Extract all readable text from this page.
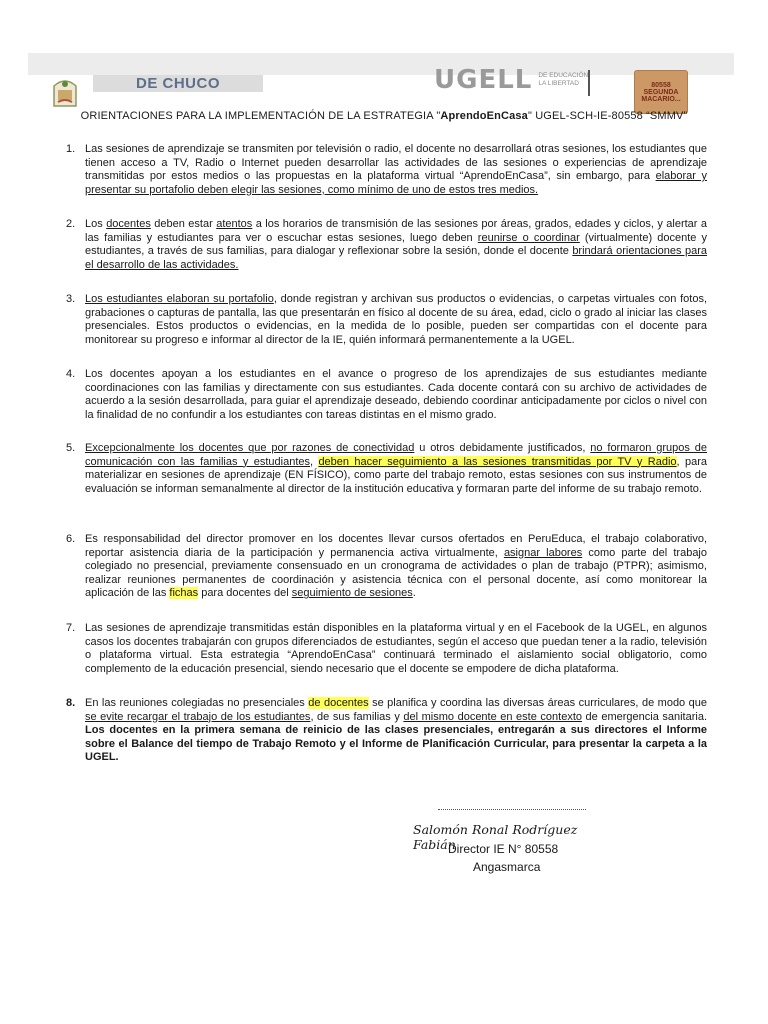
DE CHUCO	UGELL DE EDUCACIÓN
LA LIBERTAD	80558
SEGUNDA
MACARIO...
ORIENTACIONES PARA LA IMPLEMENTACIÓN DE LA ESTRATEGIA "AprendoEnCasa" UGEL-SCH-IE-80558 “SMMV”
1. Las sesiones de aprendizaje se transmiten por televisión o radio, el docente no desarrollará otras sesiones, los estudiantes que tienen acceso a TV, Radio o Internet pueden desarrollar las actividades de las sesiones o experiencias de aprendizaje transmitidas por estos medios o las propuestas en la plataforma virtual “AprendoEnCasa”, sin embargo, para elaborar y presentar su portafolio deben elegir las sesiones, como mínimo de uno de estos tres medios.
2. Los docentes deben estar atentos a los horarios de transmisión de las sesiones por áreas, grados, edades y ciclos, y alertar a las familias y estudiantes para ver o escuchar estas sesiones, luego deben reunirse o coordinar (virtualmente) docente y estudiantes, a través de sus familias, para dialogar y reflexionar sobre la sesión, donde el docente brindará orientaciones para el desarrollo de las actividades.
3. Los estudiantes elaboran su portafolio, donde registran y archivan sus productos o evidencias, o carpetas virtuales con fotos, grabaciones o capturas de pantalla, las que presentarán en físico al docente de su área, edad, ciclo o grado al iniciar las clases presenciales. Estos productos o evidencias, en la medida de lo posible, pueden ser compartidas con el docente para monitorear su progreso e informar al director de la IE, quién informará permanentemente a la UGEL.
4. Los docentes apoyan a los estudiantes en el avance o progreso de los aprendizajes de sus estudiantes mediante coordinaciones con las familias y directamente con sus estudiantes. Cada docente contará con su archivo de actividades de acuerdo a la sesión desarrollada, para guiar el aprendizaje deseado, debiendo coordinar anticipadamente por ciclos o nivel con la finalidad de no confundir a los estudiantes con tareas distintas en el mismo grado.
5. Excepcionalmente los docentes que por razones de conectividad u otros debidamente justificados, no formaron grupos de comunicación con las familias y estudiantes, deben hacer seguimiento a las sesiones transmitidas por TV y Radio, para materializar en sesiones de aprendizaje (EN FÍSICO), como parte del trabajo remoto, estas sesiones con sus instrumentos de evaluación se informan semanalmente al director de la institución educativa y formaran parte del informe de su trabajo remoto.
6. Es responsabilidad del director promover en los docentes llevar cursos ofertados en PeruEduca, el trabajo colaborativo, reportar asistencia diaria de la participación y permanencia activa virtualmente, asignar labores como parte del trabajo colegiado no presencial, previamente consensuado en un cronograma de actividades o plan de trabajo (PTPR); asimismo, realizar reuniones permanentes de coordinación y asistencia técnica con el personal docente, así como monitorear la aplicación de las fichas para docentes del seguimiento de sesiones.
7. Las sesiones de aprendizaje transmitidas están disponibles en la plataforma virtual y en el Facebook de la UGEL, en algunos casos los docentes trabajarán con grupos diferenciados de estudiantes, según el acceso que puedan tener a la radio, televisión o plataforma virtual. Esta estrategia “AprendoEnCasa” continuará terminado el aislamiento social obligatorio, como complemento de la educación presencial, siendo necesario que el docente se empodere de dicha plataforma.
8. En las reuniones colegiadas no presenciales de docentes se planifica y coordina las diversas áreas curriculares, de modo que se evite recargar el trabajo de los estudiantes, de sus familias y del mismo docente en este contexto de emergencia sanitaria. Los docentes en la primera semana de reinicio de las clases presenciales, entregarán a sus directores el Informe sobre el Balance del tiempo de Trabajo Remoto y el Informe de Planificación Curricular, para presentar la carpeta a la UGEL.
Salomón Ronal Rodríguez Fabián
Director IE N° 80558
Angasmarca
